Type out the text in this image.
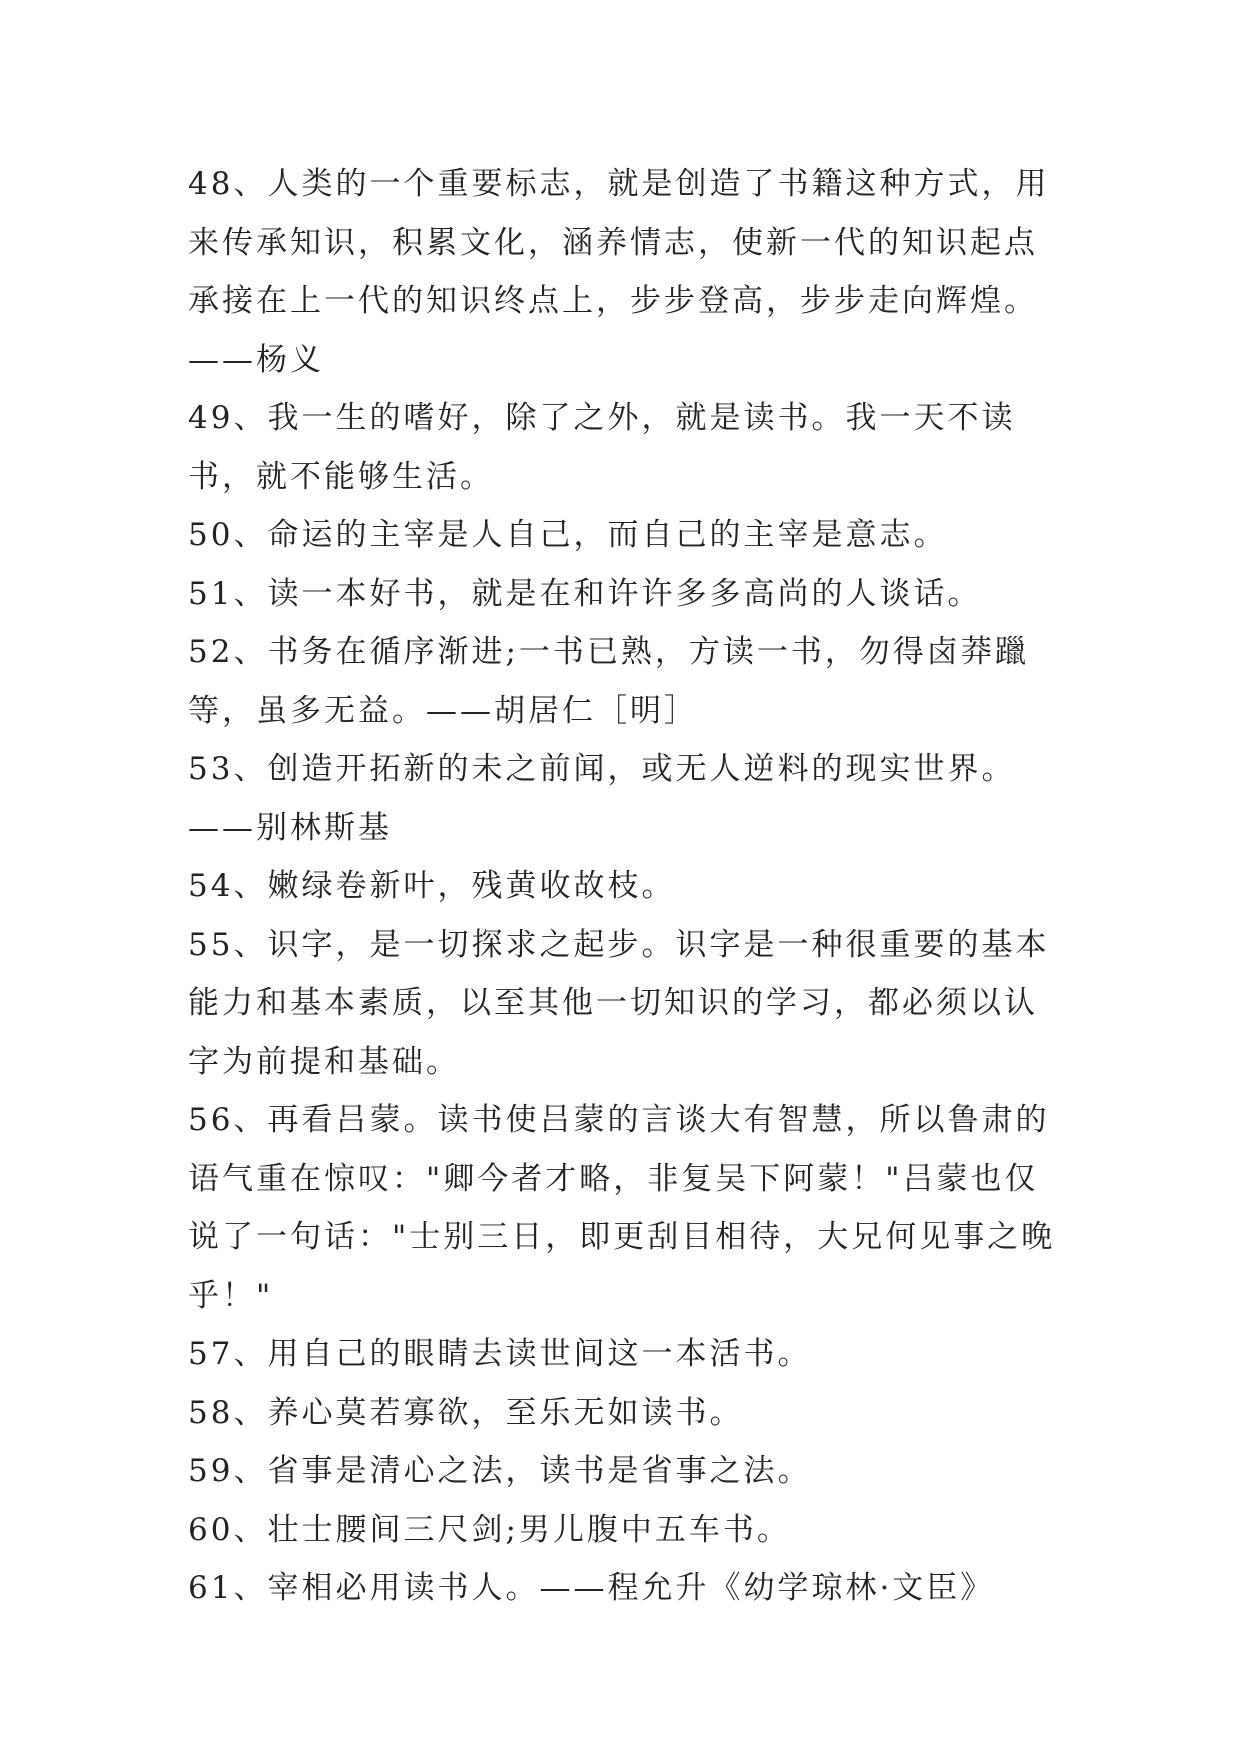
48、人类的一个重要标志，就是创造了书籍这种方式，用来传承知识，积累文化，涵养情志，使新一代的知识起点承接在上一代的知识终点上，步步登高，步步走向辉煌。——杨义

49、我一生的嗜好，除了之外，就是读书。我一天不读书，就不能够生活。

50、命运的主宰是人自己，而自己的主宰是意志。

51、读一本好书，就是在和许许多多高尚的人谈话。

52、书务在循序渐进;一书已熟，方读一书，勿得卤莽躐等，虽多无益。——胡居仁［明］

53、创造开拓新的未之前闻，或无人逆料的现实世界。——别林斯基

54、嫩绿卷新叶，残黄收故枝。

55、识字，是一切探求之起步。识字是一种很重要的基本能力和基本素质，以至其他一切知识的学习，都必须以认字为前提和基础。

56、再看吕蒙。读书使吕蒙的言谈大有智慧，所以鲁肃的语气重在惊叹："卿今者才略，非复吴下阿蒙！"吕蒙也仅说了一句话："士别三日，即更刮目相待，大兄何见事之晚乎！"

57、用自己的眼睛去读世间这一本活书。

58、养心莫若寡欲，至乐无如读书。

59、省事是清心之法，读书是省事之法。

60、壮士腰间三尺剑;男儿腹中五车书。

61、宰相必用读书人。——程允升《幼学琼林·文臣》
